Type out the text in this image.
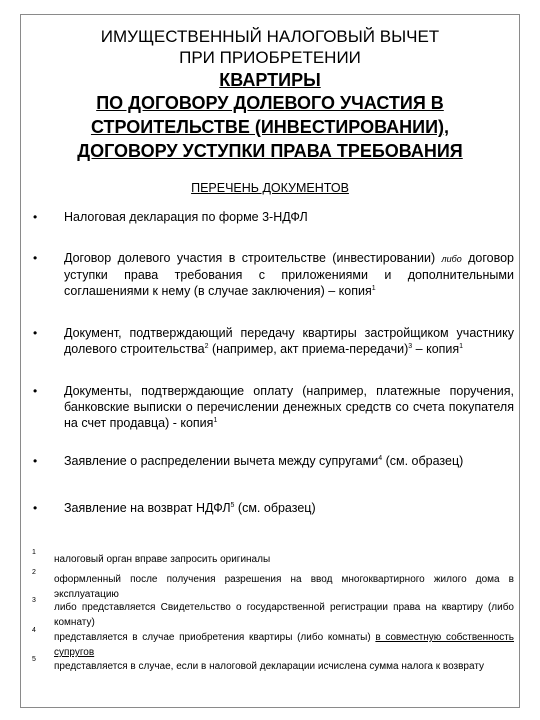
ИМУЩЕСТВЕННЫЙ НАЛОГОВЫЙ ВЫЧЕТ
ПРИ ПРИОБРЕТЕНИИ
КВАРТИРЫ
ПО ДОГОВОРУ ДОЛЕВОГО УЧАСТИЯ В
СТРОИТЕЛЬСТВЕ (ИНВЕСТИРОВАНИИ),
ДОГОВОРУ УСТУПКИ ПРАВА ТРЕБОВАНИЯ
ПЕРЕЧЕНЬ ДОКУМЕНТОВ
• Налоговая декларация по форме 3-НДФЛ
• Договор долевого участия в строительстве (инвестировании) либо договор уступки права требования с приложениями и дополнительными соглашениями к нему (в случае заключения) – копия$^1$
• Документ, подтверждающий передачу квартиры застройщиком участнику долевого строительства$^2$ (например, акт приема-передачи)$^3$ – копия$^1$
• Документы, подтверждающие оплату (например, платежные поручения, банковские выписки о перечислении денежных средств со счета покупателя на счет продавца) - копия$^1$
• Заявление о распределении вычета между супругами$^4$ (см. образец)
• Заявление на возврат НДФЛ$^5$ (см. образец)
1
налоговый орган вправе запросить оригиналы
2
оформленный после получения разрешения на ввод многоквартирного жилого дома в эксплуатацию
3
либо представляется Свидетельство о государственной регистрации права на квартиру (либо комнату)
4
представляется в случае приобретения квартиры (либо комнаты) в совместную собственность супругов
5
представляется в случае, если в налоговой декларации исчислена сумма налога к возврату
